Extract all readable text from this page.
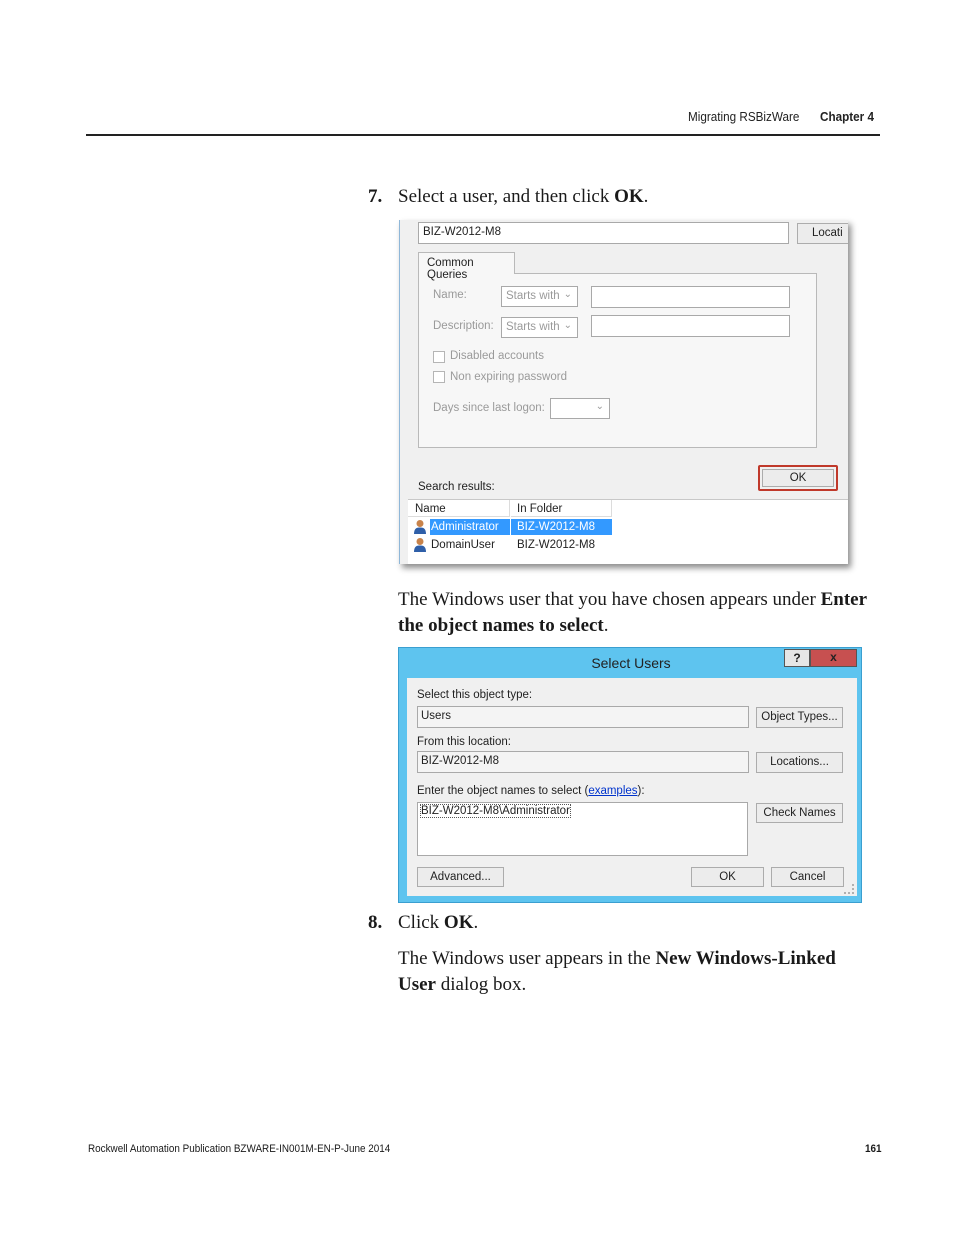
Migrating RSBizWare Chapter 4
7. Select a user, and then click OK.
BIZ-W2012-M8	Locati
Common Queries
Name:	Starts with ⌄
Description:	Starts with ⌄
Disabled accounts
Non expiring password
Days since last logon:	⌄
OK
Search results:
Name	In Folder
Administrator	BIZ-W2012-M8
DomainUser BIZ-W2012-M8
The Windows user that you have chosen appears under Enter the object names to select.
Select Users	?	x
Select this object type:
Users	Object Types...
From this location:
BIZ-W2012-M8	Locations...
Enter the object names to select (examples):
BIZ-W2012-M8\Administrator	Check Names
Advanced...	OK	Cancel
8. Click OK.
The Windows user appears in the New Windows-Linked User dialog box.
Rockwell Automation Publication BZWARE-IN001M-EN-P-June 2014	161
